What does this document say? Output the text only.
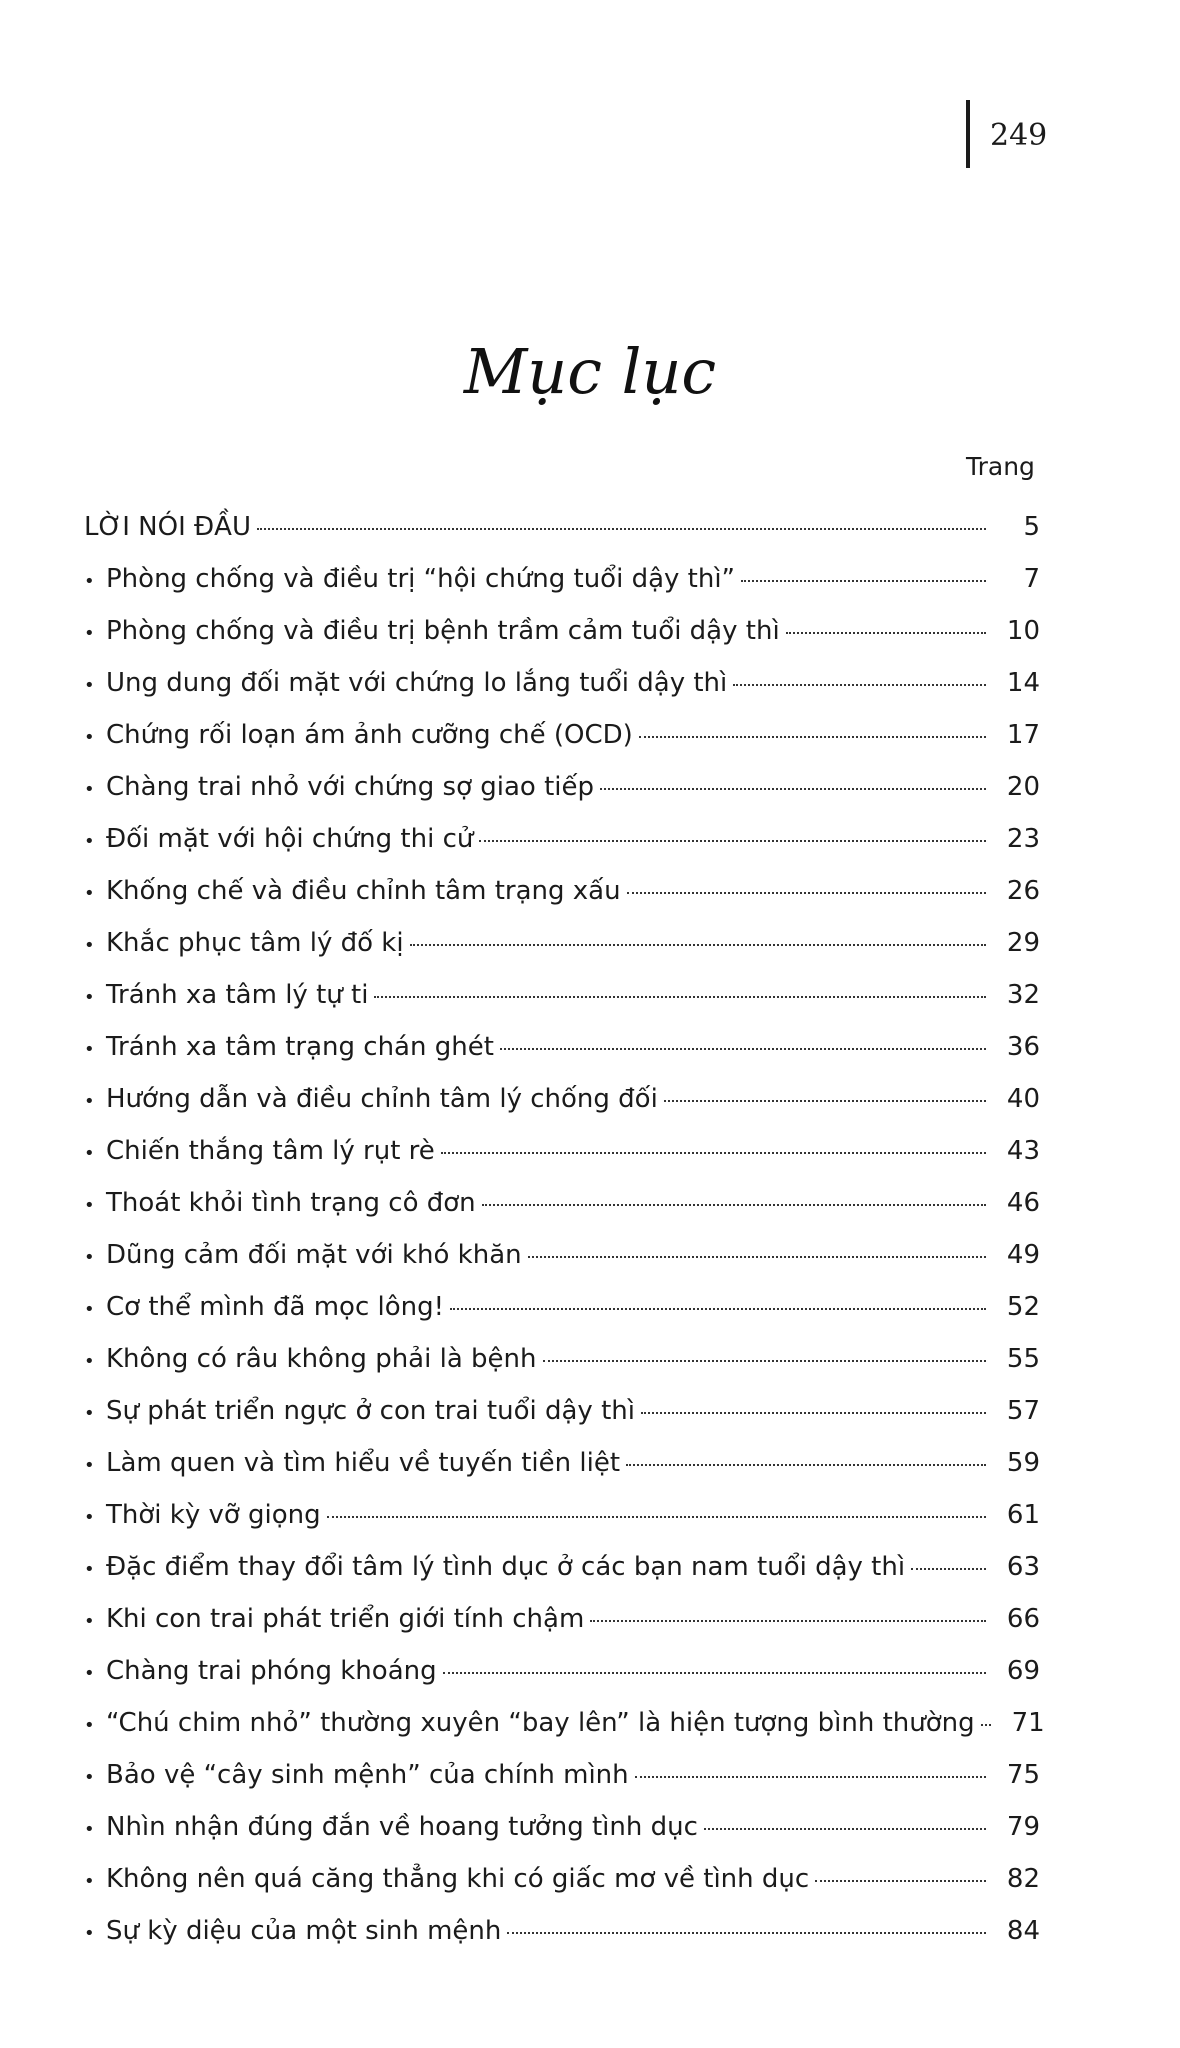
249
Mục lục
Trang
LỜI NÓI ĐẦU	5
• Phòng chống và điều trị “hội chứng tuổi dậy thì”	7
• Phòng chống và điều trị bệnh trầm cảm tuổi dậy thì	10
• Ung dung đối mặt với chứng lo lắng tuổi dậy thì	14
• Chứng rối loạn ám ảnh cưỡng chế (OCD)	17
• Chàng trai nhỏ với chứng sợ giao tiếp	20
• Đối mặt với hội chứng thi cử	23
• Khống chế và điều chỉnh tâm trạng xấu	26
• Khắc phục tâm lý đố kị	29
• Tránh xa tâm lý tự ti	32
• Tránh xa tâm trạng chán ghét	36
• Hướng dẫn và điều chỉnh tâm lý chống đối	40
• Chiến thắng tâm lý rụt rè	43
• Thoát khỏi tình trạng cô đơn	46
• Dũng cảm đối mặt với khó khăn	49
• Cơ thể mình đã mọc lông!	52
• Không có râu không phải là bệnh	55
• Sự phát triển ngực ở con trai tuổi dậy thì	57
• Làm quen và tìm hiểu về tuyến tiền liệt	59
• Thời kỳ vỡ giọng	61
• Đặc điểm thay đổi tâm lý tình dục ở các bạn nam tuổi dậy thì	63
• Khi con trai phát triển giới tính chậm	66
• Chàng trai phóng khoáng	69
• “Chú chim nhỏ” thường xuyên “bay lên” là hiện tượng bình thường	71
• Bảo vệ “cây sinh mệnh” của chính mình	75
• Nhìn nhận đúng đắn về hoang tưởng tình dục	79
• Không nên quá căng thẳng khi có giấc mơ về tình dục	82
• Sự kỳ diệu của một sinh mệnh	84
